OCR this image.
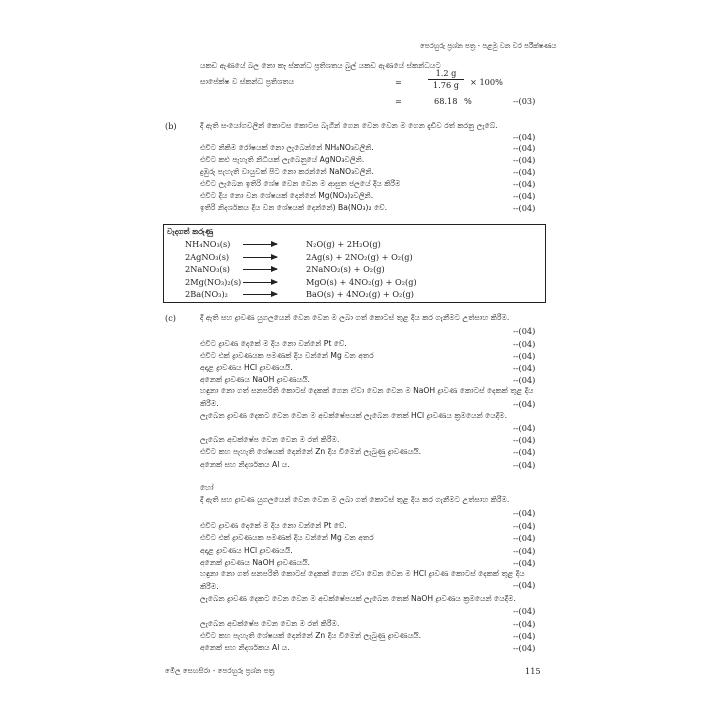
පෙරහුරු ප්‍රශ්න පත්‍ර - පළමු වන වර පරීක්ෂණය
යකඩ ඇණයේ බල නො කෑ ස්කන්ධ ප්‍රතිශතය බුල් යකඩ ඇණයේ ස්කන්ධයට
සාපේක්ෂ ව ස්කන්ධ ප්‍රතිශතය	=
1.2 g
1.76 g	× 100%
=	68.18 %	--(03)
(b)	දී ඇති සංයෝගවලින් කොටස කොටස බැගින් ගෙන වෙන වෙන ම ගෙන දැඩිව රත් කරනු ලැබේ.
--(04)
එවිට නිකිම රෝෂයක් නො ලැබෙන්නේ NH₄NO₃වලිනි.	--(04)
එවිට කළු පැහැති නිධියක් ලැබෙනුයේ AgNO₃වලිනි.	--(04)
දුඹුරු පැහැති වායුවක් පිට නො කරන්නේ NaNO₃වලිනි.	--(04)
එවිට ලැබෙන ඉතිරි ශේෂ වෙන වෙන ම ආසුත ජලයේ දිය කිරීම	--(04)
එවිට දිය නො වන ශේෂයක් දෙන්නේ Mg(NO₃)₂වලිනි.	--(04)
ඉතිරි නිදර්ශකය දිය වන ශේෂයක් දෙන්නේ) Ba(NO₃)₂ වේ.	--(04)
වැදගත් කරුණු
NH₄NO₃(s) →	N₂O(g) + 2H₂O(g)
2AgNO₃(s) →	2Ag(s) + 2NO₂(g) + O₂(g)
2NaNO₃(s) →	2NaNO₂(s) + O₂(g)
2Mg(NO₃)₂(s) →	MgO(s) + 4NO₂(g) + O₂(g)
2Ba(NO₃)₂ →	BaO(s) + 4NO₂(g) + O₂(g)
(c)	දී ඇති සහ ද්‍රාවණ යුගලයෙන් වෙන වෙන ම ලබා ගත් කොටස් තුළ දිය කර ගැනීමට උත්සාහ කිරීම.
--(04)
එවිට ද්‍රාවණ දෙකේ ම දිය නො වන්නේ Pt වේ.	--(04)
එවිට එක් ද්‍රාවණයක පමණක් දිය වන්නේ Mg වන අතර	--(04)
අදාළ ද්‍රාවණය HCl ද්‍රාවණයයි.	--(04)
අනෙක් ද්‍රාවණය NaOH ද්‍රාවණයයි.	--(04)
හඳුනා නො ගත් සනපරිති කොටස් දෙකක් ගෙන ඒවා වෙන වෙන ම NaOH ද්‍රාවණ කොටස් දෙකක් තුළ දිය කිරීම.	--(04)
ලැබෙන ද්‍රාවණ දෙකට වෙන වෙන ම අවක්ෂේපයක් ලැබෙන තෙක් HCl ද්‍රාවණය ක්‍රමයෙන් යෙදීම.
--(04)
ලැබෙන අවක්ෂේප වෙන වෙන ම රත් කිරීම.	--(04)
එවිට කහ පැහැති ශේෂයක් දෙන්නේ Zn දිය වීමෙන් ලැබුණු ද්‍රාවණයයි.	--(04)
අනෙක් සහ නිදර්ශකය Al ය.	--(04)
හෝ
දී ඇති සහ ද්‍රාවණ යුගලයෙන් වෙන වෙන ම ලබා ගත් කොටස් තුළ දිය කර ගැනීමට උත්සාහ කිරීම.
--(04)
එවිට ද්‍රාවණ දෙකේ ම දිය නො වන්නේ Pt වේ.	--(04)
එවිට එක් ද්‍රාවණයක පමණක් දිය වන්නේ Mg වන අතර	--(04)
අදාළ ද්‍රාවණය HCl ද්‍රාවණයයි.	--(04)
අනෙක් ද්‍රාවණය NaOH ද්‍රාවණයයි.	--(04)
හඳුනා නො ගත් සනපරිති කොටස් දෙකක් ගෙන ඒවා වෙන වෙන ම HCl ද්‍රාවණ කොටස් දෙකක් තුළ දිය කිරීම.	--(04)
ලැබෙන ද්‍රාවණ දෙකට වෙන වෙන ම අවක්ෂේපයක් ලැබෙන තෙක් NaOH ද්‍රාවණය ක්‍රමයෙන් යෙදීම.
--(04)
ලැබෙන අවක්ෂේප වෙන වෙන ම රත් කිරීම.	--(04)
එවිට කහ පැහැති ශේෂයක් දෙන්නේ Zn දිය වීමෙන් ලැබුණු ද්‍රාවණයයි.	--(04)
අනෙක් සහ නිදර්ශකය Al ය.	--(04)
මෙිල සෙහසිරා - පෙරහුරු ප්‍රශ්න පත්‍ර	115
